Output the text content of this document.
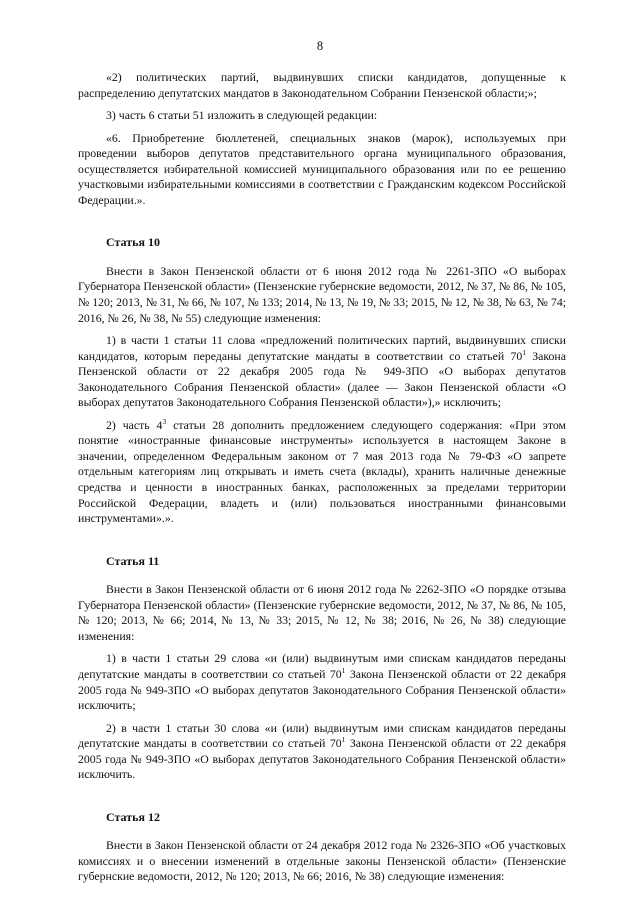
8

«2) политических партий, выдвинувших списки кандидатов, допущенные к распределению депутатских мандатов в Законодательном Собрании Пензенской области;»;

3) часть 6 статьи 51 изложить в следующей редакции:

«6. Приобретение бюллетеней, специальных знаков (марок), используемых при проведении выборов депутатов представительного органа муниципального образования, осуществляется избирательной комиссией муниципального образования или по ее решению участковыми избирательными комиссиями в соответствии с Гражданским кодексом Российской Федерации.».

Статья 10

Внести в Закон Пензенской области от 6 июня 2012 года № 2261-ЗПО «О выборах Губернатора Пензенской области» (Пензенские губернские ведомости, 2012, № 37, № 86, № 105, № 120; 2013, № 31, № 66, № 107, № 133; 2014, № 13, № 19, № 33; 2015, № 12, № 38, № 63, № 74; 2016, № 26, № 38, № 55) следующие изменения:

1) в части 1 статьи 11 слова «предложений политических партий, выдвинувших списки кандидатов, которым переданы депутатские мандаты в соответствии со статьей $70^1$ Закона Пензенской области от 22 декабря 2005 года № 949-ЗПО «О выборах депутатов Законодательного Собрания Пензенской области» (далее — Закон Пензенской области «О выборах депутатов Законодательного Собрания Пензенской области»),» исключить;

2) часть $4^3$ статьи 28 дополнить предложением следующего содержания: «При этом понятие «иностранные финансовые инструменты» используется в настоящем Законе в значении, определенном Федеральным законом от 7 мая 2013 года № 79-ФЗ «О запрете отдельным категориям лиц открывать и иметь счета (вклады), хранить наличные денежные средства и ценности в иностранных банках, расположенных за пределами территории Российской Федерации, владеть и (или) пользоваться иностранными финансовыми инструментами».».

Статья 11

Внести в Закон Пензенской области от 6 июня 2012 года № 2262-ЗПО «О порядке отзыва Губернатора Пензенской области» (Пензенские губернские ведомости, 2012, № 37, № 86, № 105, № 120; 2013, № 66; 2014, № 13, № 33; 2015, № 12, № 38; 2016, № 26, № 38) следующие изменения:

1) в части 1 статьи 29 слова «и (или) выдвинутым ими спискам кандидатов переданы депутатские мандаты в соответствии со статьей $70^1$ Закона Пензенской области от 22 декабря 2005 года № 949-ЗПО «О выборах депутатов Законодательного Собрания Пензенской области» исключить;

2) в части 1 статьи 30 слова «и (или) выдвинутым ими спискам кандидатов переданы депутатские мандаты в соответствии со статьей $70^1$ Закона Пензенской области от 22 декабря 2005 года № 949-ЗПО «О выборах депутатов Законодательного Собрания Пензенской области» исключить.

Статья 12

Внести в Закон Пензенской области от 24 декабря 2012 года № 2326-ЗПО «Об участковых комиссиях и о внесении изменений в отдельные законы Пензенской области» (Пензенские губернские ведомости, 2012, № 120; 2013, № 66; 2016, № 38) следующие изменения:
